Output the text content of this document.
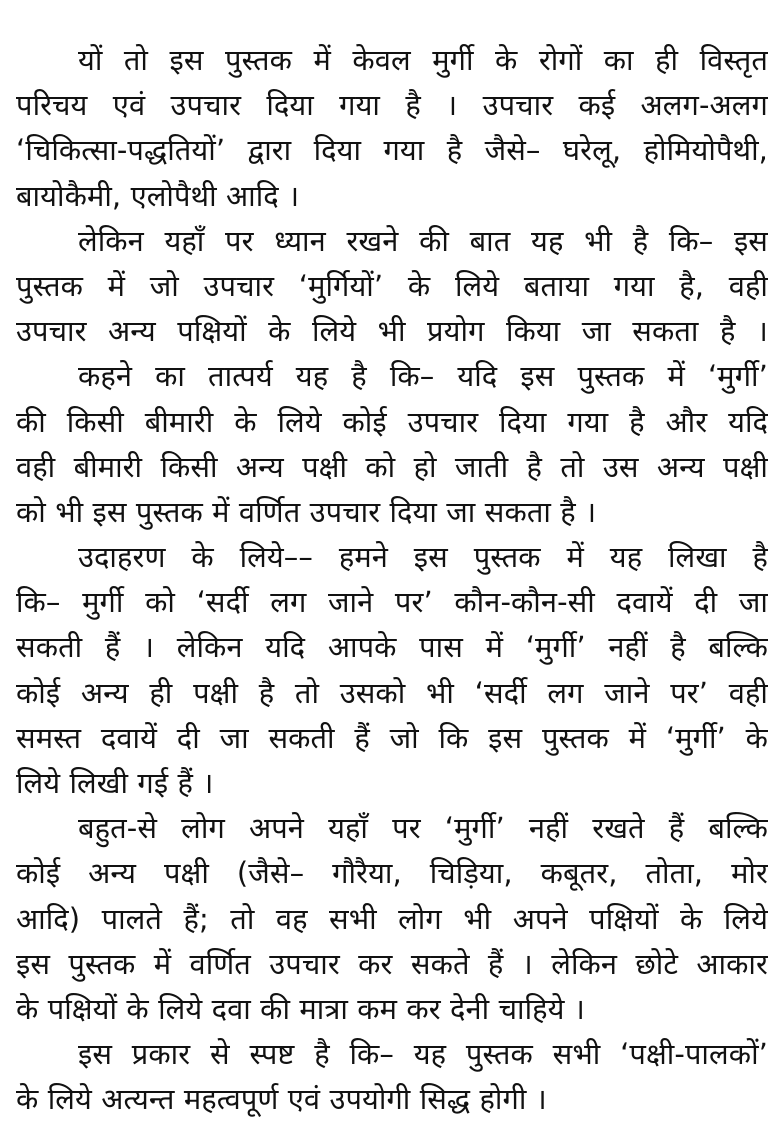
यों तो इस पुस्तक में केवल मुर्गी के रोगों का ही विस्तृत
परिचय एवं उपचार दिया गया है । उपचार कई अलग-अलग
‘चिकित्सा-पद्धतियों’ द्वारा दिया गया है जैसे– घरेलू, होमियोपैथी,
बायोकैमी, एलोपैथी आदि ।
लेकिन यहाँ पर ध्यान रखने की बात यह भी है कि– इस
पुस्तक में जो उपचार ‘मुर्गियों’ के लिये बताया गया है, वही
उपचार अन्य पक्षियों के लिये भी प्रयोग किया जा सकता है ।
कहने का तात्पर्य यह है कि– यदि इस पुस्तक में ‘मुर्गी’
की किसी बीमारी के लिये कोई उपचार दिया गया है और यदि
वही बीमारी किसी अन्य पक्षी को हो जाती है तो उस अन्य पक्षी
को भी इस पुस्तक में वर्णित उपचार दिया जा सकता है ।
उदाहरण के लिये–– हमने इस पुस्तक में यह लिखा है
कि– मुर्गी को ‘सर्दी लग जाने पर’ कौन-कौन-सी दवायें दी जा
सकती हैं । लेकिन यदि आपके पास में ‘मुर्गी’ नहीं है बल्कि
कोई अन्य ही पक्षी है तो उसको भी ‘सर्दी लग जाने पर’ वही
समस्त दवायें दी जा सकती हैं जो कि इस पुस्तक में ‘मुर्गी’ के
लिये लिखी गई हैं ।
बहुत-से लोग अपने यहाँ पर ‘मुर्गी’ नहीं रखते हैं बल्कि
कोई अन्य पक्षी (जैसे– गौरैया, चिड़िया, कबूतर, तोता, मोर
आदि) पालते हैं; तो वह सभी लोग भी अपने पक्षियों के लिये
इस पुस्तक में वर्णित उपचार कर सकते हैं । लेकिन छोटे आकार
के पक्षियों के लिये दवा की मात्रा कम कर देनी चाहिये ।
इस प्रकार से स्पष्ट है कि– यह पुस्तक सभी ‘पक्षी-पालकों’
के लिये अत्यन्त महत्वपूर्ण एवं उपयोगी सिद्ध होगी ।
